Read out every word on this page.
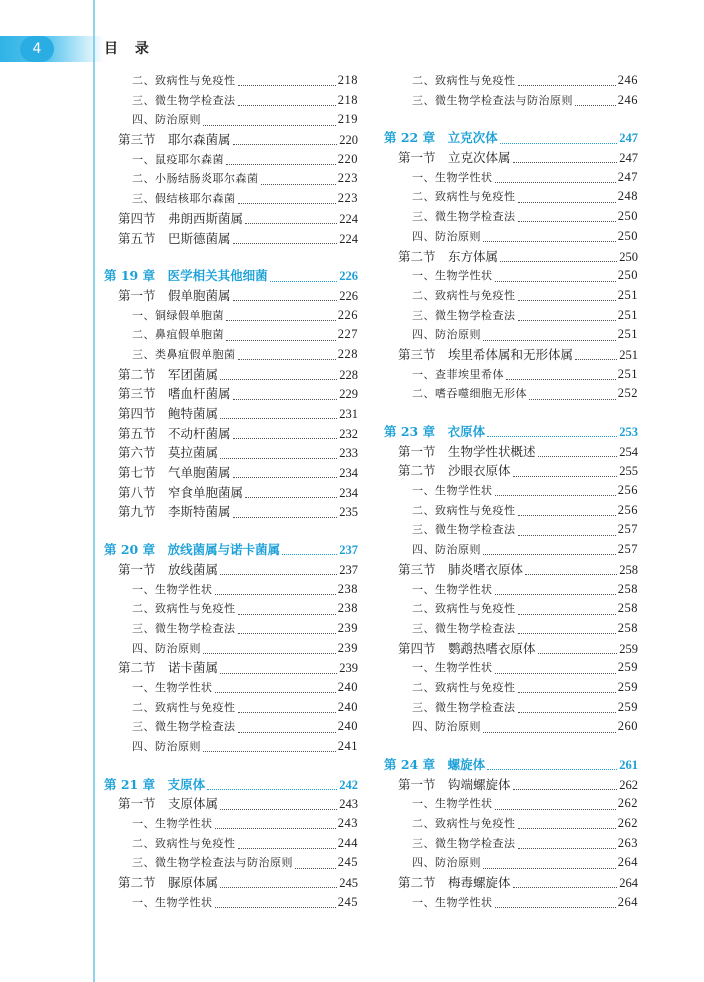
4	目 录
二、致病性与免疫性	218
三、微生物学检查法	218
四、防治原则	219
第三节　耶尔森菌属	220
一、鼠疫耶尔森菌	220
二、小肠结肠炎耶尔森菌	223
三、假结核耶尔森菌	223
第四节　弗朗西斯菌属	224
第五节　巴斯德菌属	224
第 19 章　医学相关其他细菌	226
第一节　假单胞菌属	226
一、铜绿假单胞菌	226
二、鼻疽假单胞菌	227
三、类鼻疽假单胞菌	228
第二节　军团菌属	228
第三节　嗜血杆菌属	229
第四节　鲍特菌属	231
第五节　不动杆菌属	232
第六节　莫拉菌属	233
第七节　气单胞菌属	234
第八节　窄食单胞菌属	234
第九节　李斯特菌属	235
第 20 章　放线菌属与诺卡菌属	237
第一节　放线菌属	237
一、生物学性状	238
二、致病性与免疫性	238
三、微生物学检查法	239
四、防治原则	239
第二节　诺卡菌属	239
一、生物学性状	240
二、致病性与免疫性	240
三、微生物学检查法	240
四、防治原则	241
第 21 章　支原体	242
第一节　支原体属	243
一、生物学性状	243
二、致病性与免疫性	244
三、微生物学检查法与防治原则	245
第二节　脲原体属	245
一、生物学性状	245
二、致病性与免疫性	246
三、微生物学检查法与防治原则	246
第 22 章　立克次体	247
第一节　立克次体属	247
一、生物学性状	247
二、致病性与免疫性	248
三、微生物学检查法	250
四、防治原则	250
第二节　东方体属	250
一、生物学性状	250
二、致病性与免疫性	251
三、微生物学检查法	251
四、防治原则	251
第三节　埃里希体属和无形体属	251
一、查菲埃里希体	251
二、嗜吞噬细胞无形体	252
第 23 章　衣原体	253
第一节　生物学性状概述	254
第二节　沙眼衣原体	255
一、生物学性状	256
二、致病性与免疫性	256
三、微生物学检查法	257
四、防治原则	257
第三节　肺炎嗜衣原体	258
一、生物学性状	258
二、致病性与免疫性	258
三、微生物学检查法	258
第四节　鹦鹉热嗜衣原体	259
一、生物学性状	259
二、致病性与免疫性	259
三、微生物学检查法	259
四、防治原则	260
第 24 章　螺旋体	261
第一节　钩端螺旋体	262
一、生物学性状	262
二、致病性与免疫性	262
三、微生物学检查法	263
四、防治原则	264
第二节　梅毒螺旋体	264
一、生物学性状	264
